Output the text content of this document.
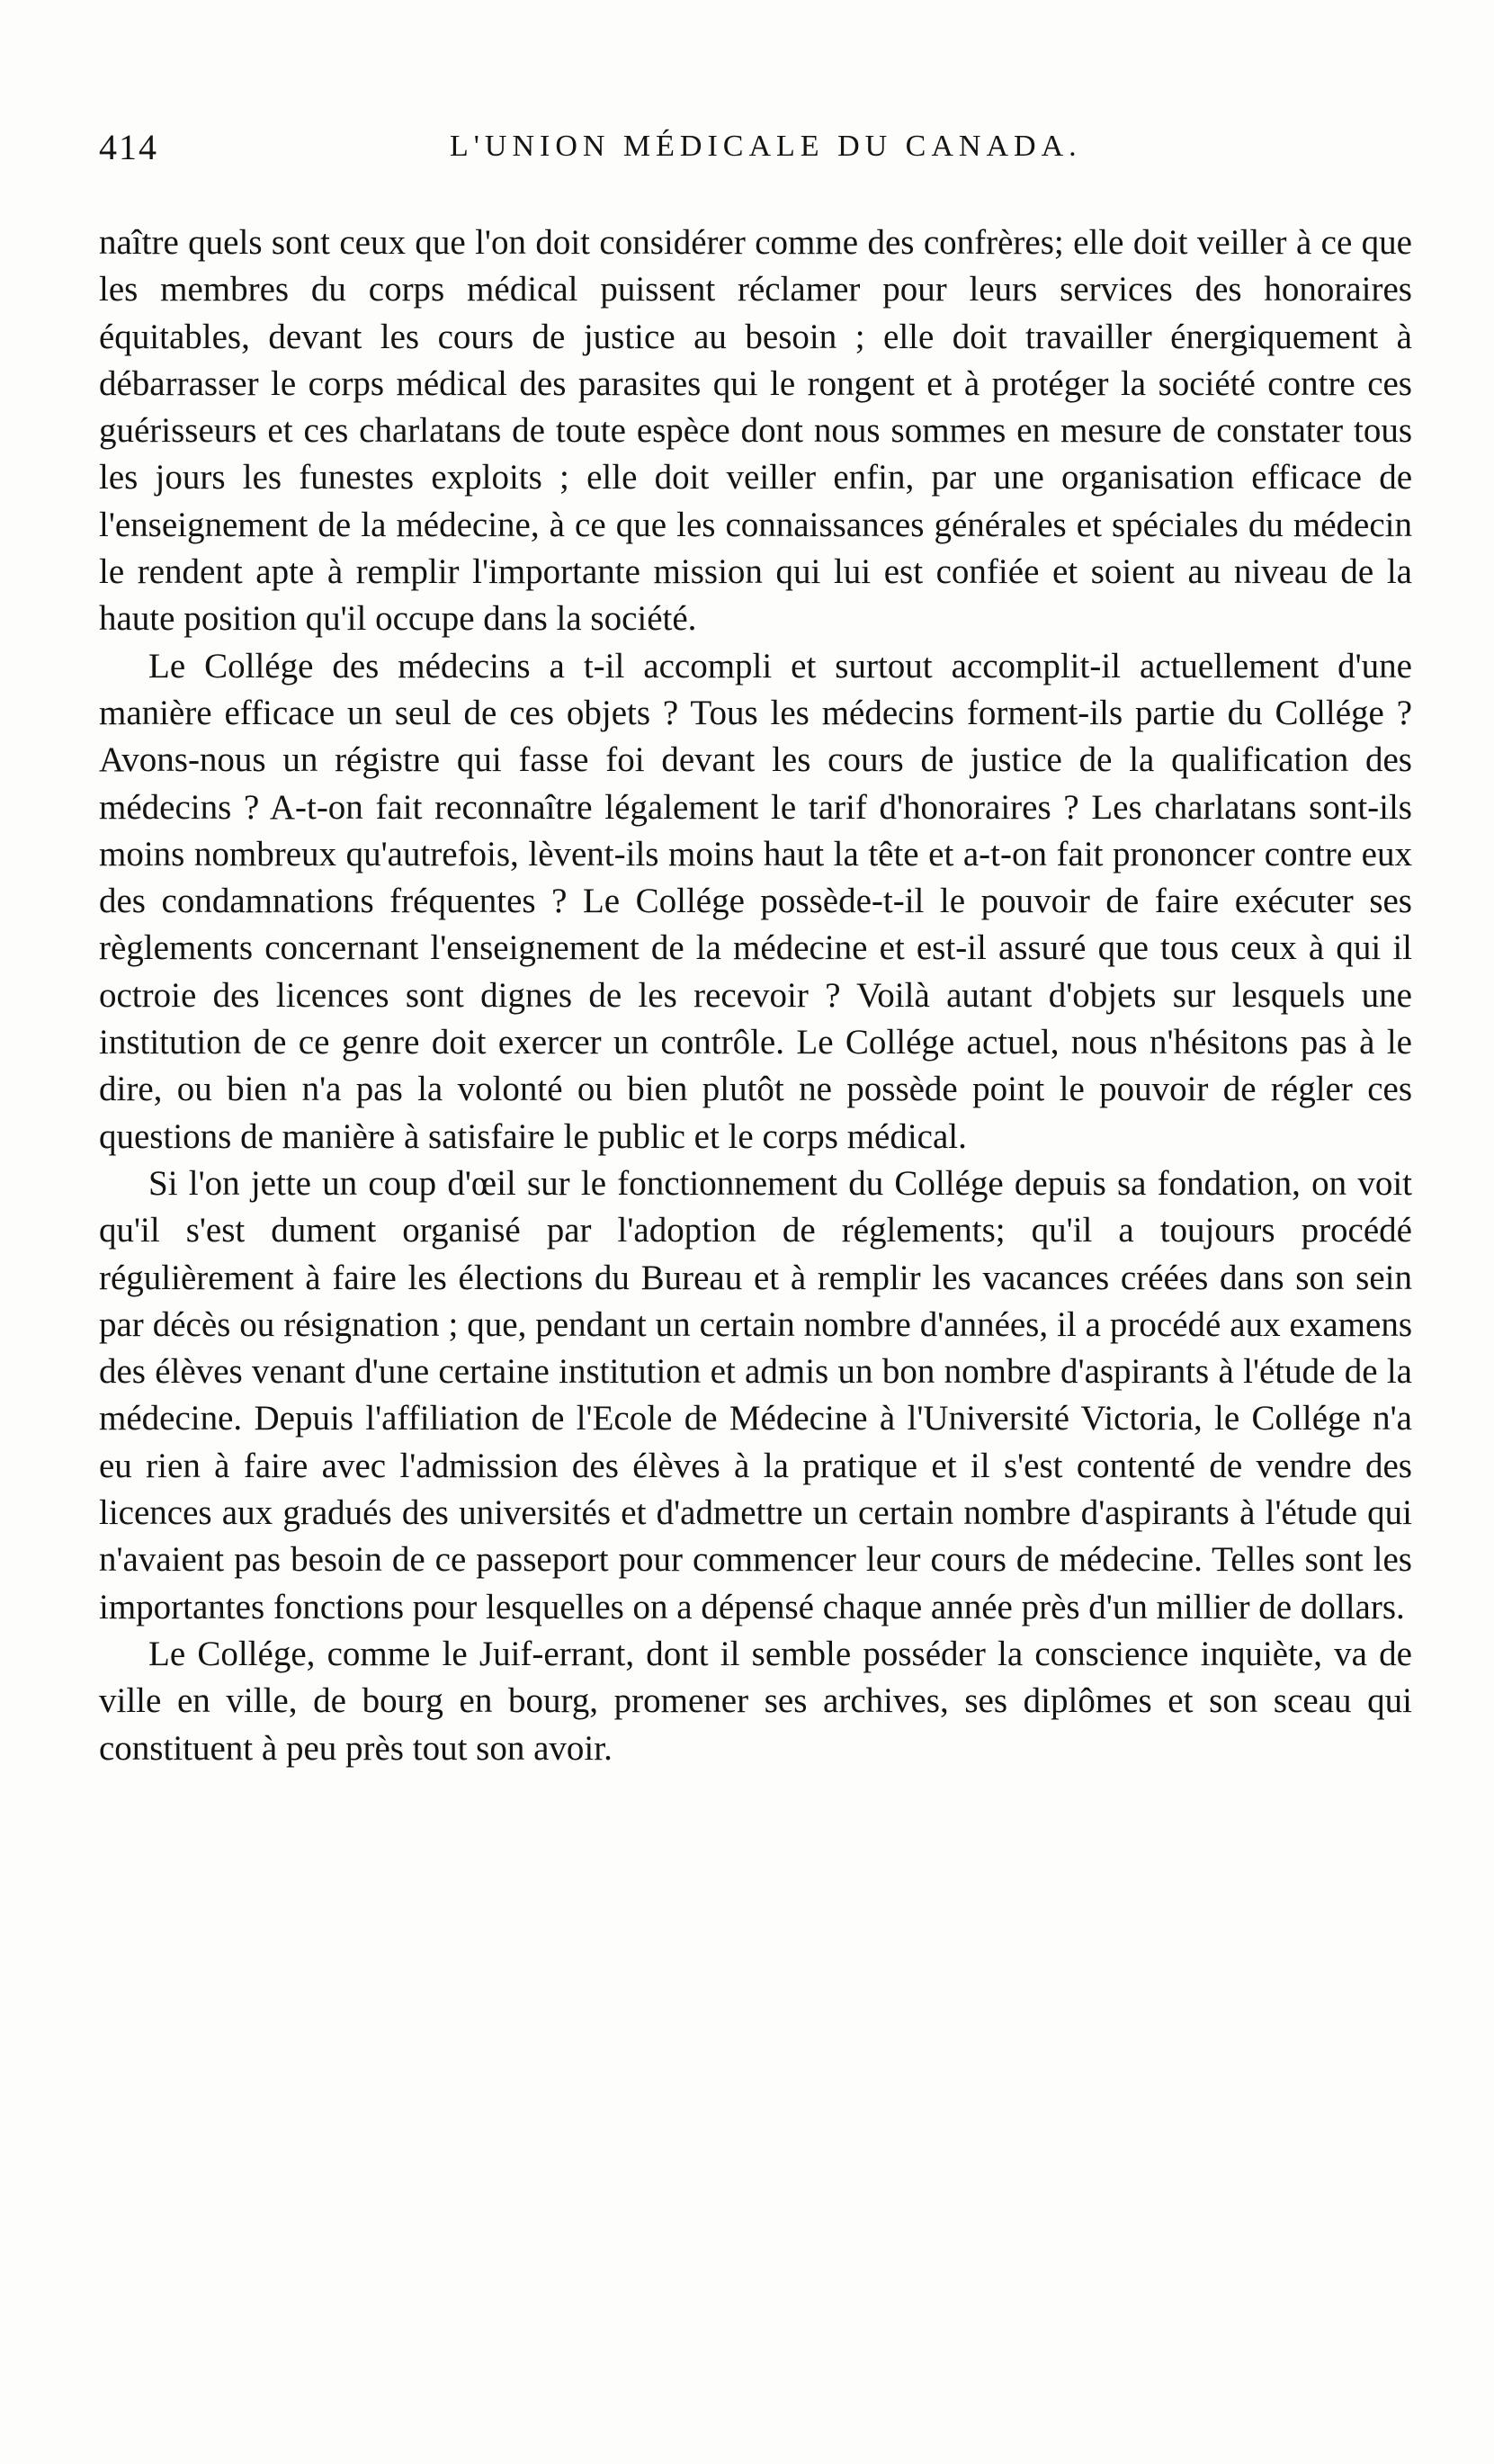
414	L'UNION MÉDICALE DU CANADA.

naître quels sont ceux que l'on doit considérer comme des confrères; elle doit veiller à ce que les membres du corps médical puissent réclamer pour leurs services des honoraires équitables, devant les cours de justice au besoin ; elle doit travailler énergiquement à débarrasser le corps médical des parasites qui le rongent et à protéger la société contre ces guérisseurs et ces charlatans de toute espèce dont nous sommes en mesure de constater tous les jours les funestes exploits ; elle doit veiller enfin, par une organisation efficace de l'enseignement de la médecine, à ce que les connaissances générales et spéciales du médecin le rendent apte à remplir l'importante mission qui lui est confiée et soient au niveau de la haute position qu'il occupe dans la société.

Le Collége des médecins a t-il accompli et surtout accomplit-il actuellement d'une manière efficace un seul de ces objets ? Tous les médecins forment-ils partie du Collége ? Avons-nous un régistre qui fasse foi devant les cours de justice de la qualification des médecins ? A-t-on fait reconnaître légalement le tarif d'honoraires ? Les charlatans sont-ils moins nombreux qu'autrefois, lèvent-ils moins haut la tête et a-t-on fait prononcer contre eux des condamnations fréquentes ? Le Collége possède-t-il le pouvoir de faire exécuter ses règlements concernant l'enseignement de la médecine et est-il assuré que tous ceux à qui il octroie des licences sont dignes de les recevoir ? Voilà autant d'objets sur lesquels une institution de ce genre doit exercer un contrôle. Le Collége actuel, nous n'hésitons pas à le dire, ou bien n'a pas la volonté ou bien plutôt ne possède point le pouvoir de régler ces questions de manière à satisfaire le public et le corps médical.

Si l'on jette un coup d'œil sur le fonctionnement du Collége depuis sa fondation, on voit qu'il s'est dument organisé par l'adoption de réglements; qu'il a toujours procédé régulièrement à faire les élections du Bureau et à remplir les vacances créées dans son sein par décès ou résignation ; que, pendant un certain nombre d'années, il a procédé aux examens des élèves venant d'une certaine institution et admis un bon nombre d'aspirants à l'étude de la médecine. Depuis l'affiliation de l'Ecole de Médecine à l'Université Victoria, le Collége n'a eu rien à faire avec l'admission des élèves à la pratique et il s'est contenté de vendre des licences aux gradués des universités et d'admettre un certain nombre d'aspirants à l'étude qui n'avaient pas besoin de ce passeport pour commencer leur cours de médecine. Telles sont les importantes fonctions pour lesquelles on a dépensé chaque année près d'un millier de dollars.

Le Collége, comme le Juif-errant, dont il semble posséder la conscience inquiète, va de ville en ville, de bourg en bourg, promener ses archives, ses diplômes et son sceau qui constituent à peu près tout son avoir.
